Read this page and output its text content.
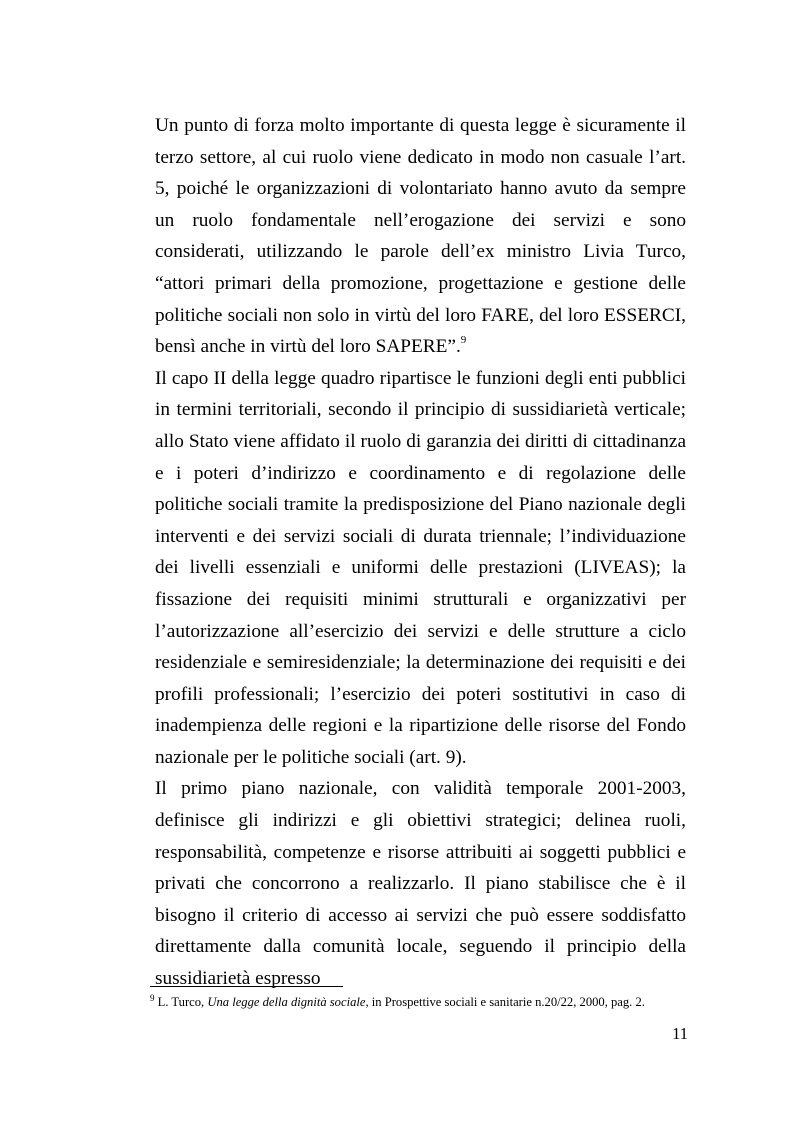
Un punto di forza molto importante di questa legge è sicuramente il terzo settore, al cui ruolo viene dedicato in modo non casuale l’art. 5, poiché le organizzazioni di volontariato hanno avuto da sempre un ruolo fondamentale nell’erogazione dei servizi e sono considerati, utilizzando le parole dell’ex ministro Livia Turco, “attori primari della promozione, progettazione e gestione delle politiche sociali non solo in virtù del loro FARE, del loro ESSERCI, bensì anche in virtù del loro SAPERE”.$^9$

Il capo II della legge quadro ripartisce le funzioni degli enti pubblici in termini territoriali, secondo il principio di sussidiarietà verticale; allo Stato viene affidato il ruolo di garanzia dei diritti di cittadinanza e i poteri d’indirizzo e coordinamento e di regolazione delle politiche sociali tramite la predisposizione del Piano nazionale degli interventi e dei servizi sociali di durata triennale; l’individuazione dei livelli essenziali e uniformi delle prestazioni (LIVEAS); la fissazione dei requisiti minimi strutturali e organizzativi per l’autorizzazione all’esercizio dei servizi e delle strutture a ciclo residenziale e semiresidenziale; la determinazione dei requisiti e dei profili professionali; l’esercizio dei poteri sostitutivi in caso di inadempienza delle regioni e la ripartizione delle risorse del Fondo nazionale per le politiche sociali (art. 9).

Il primo piano nazionale, con validità temporale 2001-2003, definisce gli indirizzi e gli obiettivi strategici; delinea ruoli, responsabilità, competenze e risorse attribuiti ai soggetti pubblici e privati che concorrono a realizzarlo. Il piano stabilisce che è il bisogno il criterio di accesso ai servizi che può essere soddisfatto direttamente dalla comunità locale, seguendo il principio della sussidiarietà espresso

$^9$ L. Turco, Una legge della dignità sociale, in Prospettive sociali e sanitarie n.20/22, 2000, pag. 2.
11
